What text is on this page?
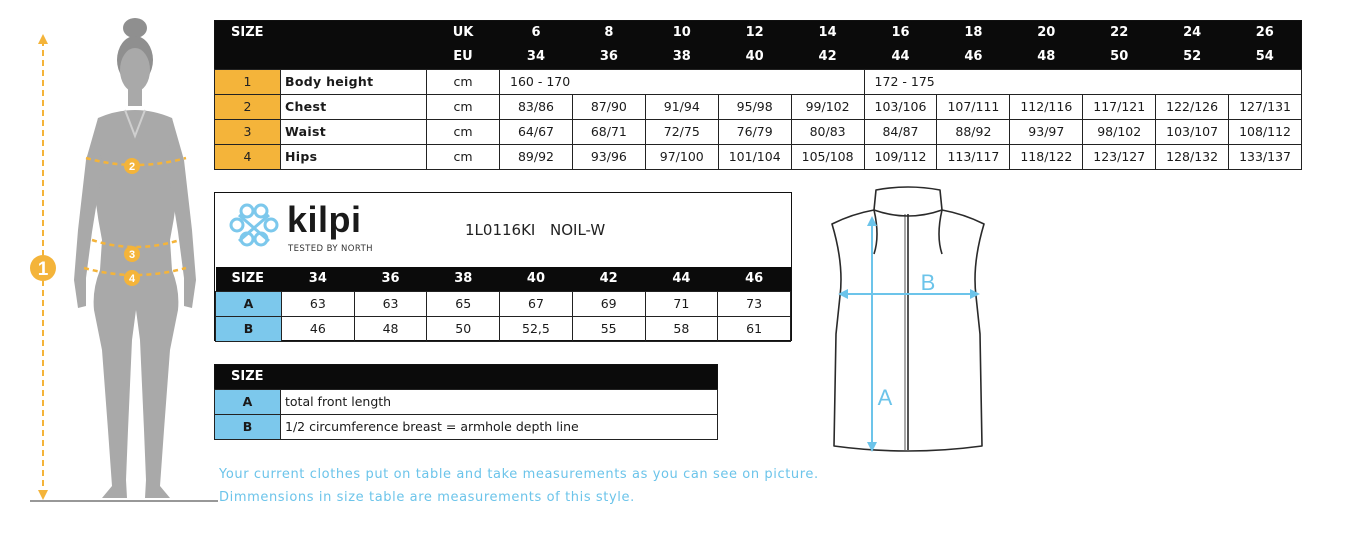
1
2
3
4
SIZE		UK	6	8	10	12	14	16	18	20	22	24	26
		EU	34	36	38	40	42	44	46	48	50	52	54
1	Body height	cm	160 - 170					172 - 175					
2	Chest	cm	83/86	87/90	91/94	95/98	99/102	103/106	107/111	112/116	117/121	122/126	127/131
3	Waist	cm	64/67	68/71	72/75	76/79	80/83	84/87	88/92	93/97	98/102	103/107	108/112
4	Hips	cm	89/92	93/96	97/100	101/104	105/108	109/112	113/117	118/122	123/127	128/132	133/137
kilpi
TESTED BY NORTH
1L0116KI NOIL-W
SIZE	34	36	38	40	42	44	46
A	63	63	65	67	69	71	73
B	46	48	50	52,5	55	58	61
SIZE	
A	total front length
B	1/2 circumference breast = armhole depth line
A
B
Your current clothes put on table and take measurements as you can see on picture.
Dimmensions in size table are measurements of this style.
